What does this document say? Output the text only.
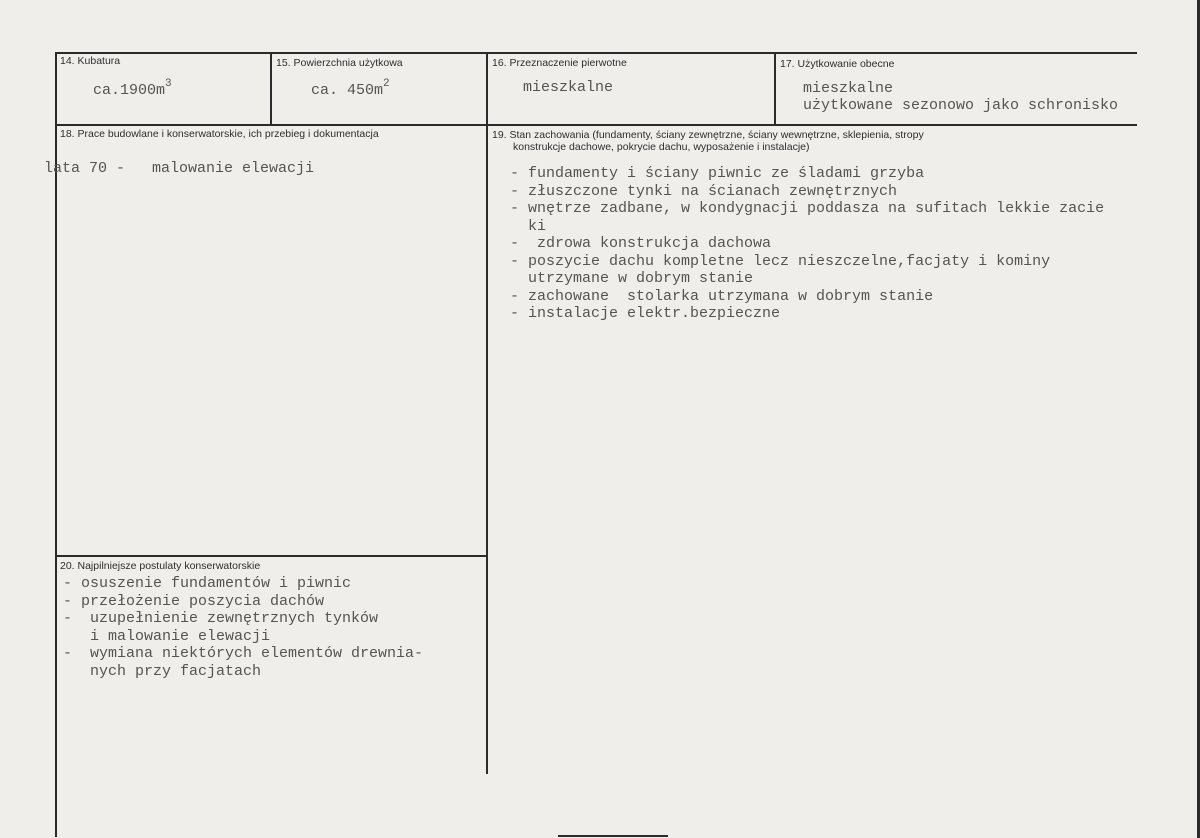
14. Kubatura
$ca.1900m^3$
15. Powierzchnia użytkowa
ca. $450m^2$
16. Przeznaczenie pierwotne
mieszkalne
17. Użytkowanie obecne
mieszkalne
użytkowane sezonowo jako schronisko
18. Prace budowlane i konserwatorskie, ich przebieg i dokumentacja
lata 70 -   malowanie elewacji
19. Stan zachowania (fundamenty, ściany zewnętrzne, ściany wewnętrzne, sklepienia, stropy
konstrukcje dachowe, pokrycie dachu, wyposażenie i instalacje)
- fundamenty i ściany piwnic ze śladami grzyba
- złuszczone tynki na ścianach zewnętrznych
- wnętrze zadbane, w kondygnacji poddasza na sufitach lekkie zacie
ki
-  zdrowa konstrukcja dachowa
- poszycie dachu kompletne lecz nieszczelne,facjaty i kominy
utrzymane w dobrym stanie
- zachowane  stolarka utrzymana w dobrym stanie
- instalacje elektr.bezpieczne
20. Najpilniejsze postulaty konserwatorskie
- osuszenie fundamentów i piwnic
- przełożenie poszycia dachów
-  uzupełnienie zewnętrznych tynków
i malowanie elewacji
-  wymiana niektórych elementów drewnia-
nych przy facjatach
